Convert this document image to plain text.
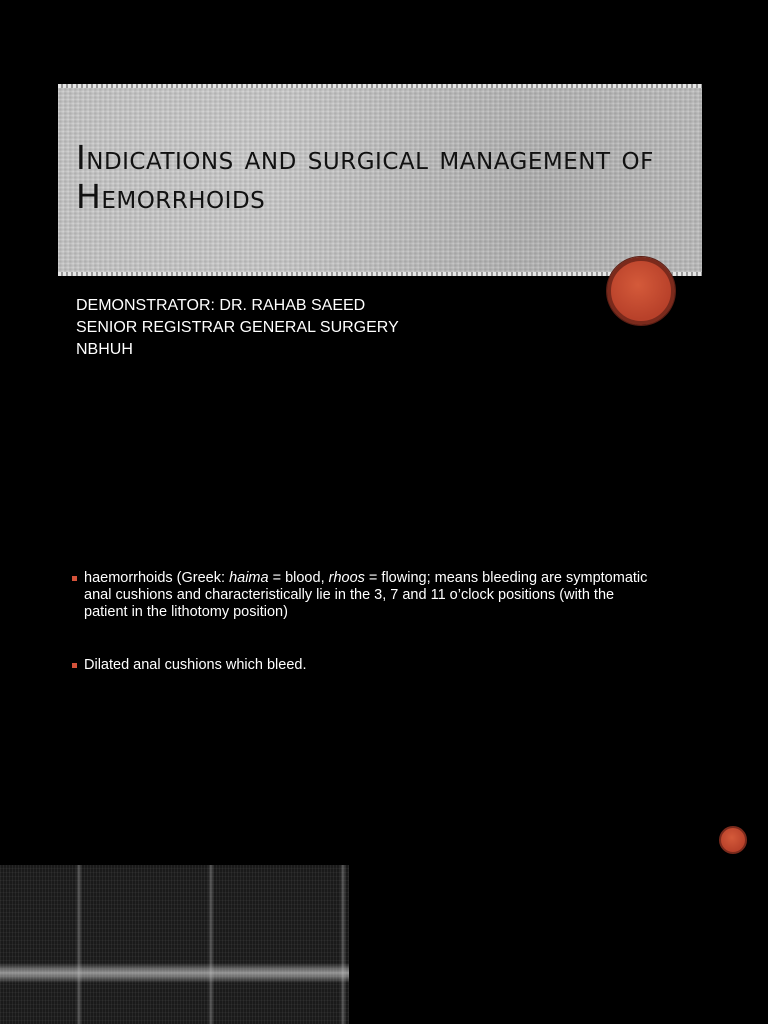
Indications and surgical management of Hemorrhoids
DEMONSTRATOR: DR. RAHAB SAEED
SENIOR REGISTRAR GENERAL SURGERY
NBHUH
haemorrhoids (Greek: haima = blood, rhoos = flowing; means bleeding are symptomatic anal cushions and characteristically lie in the 3, 7 and 11 o’clock positions (with the patient in the lithotomy position)
Dilated anal cushions which bleed.
